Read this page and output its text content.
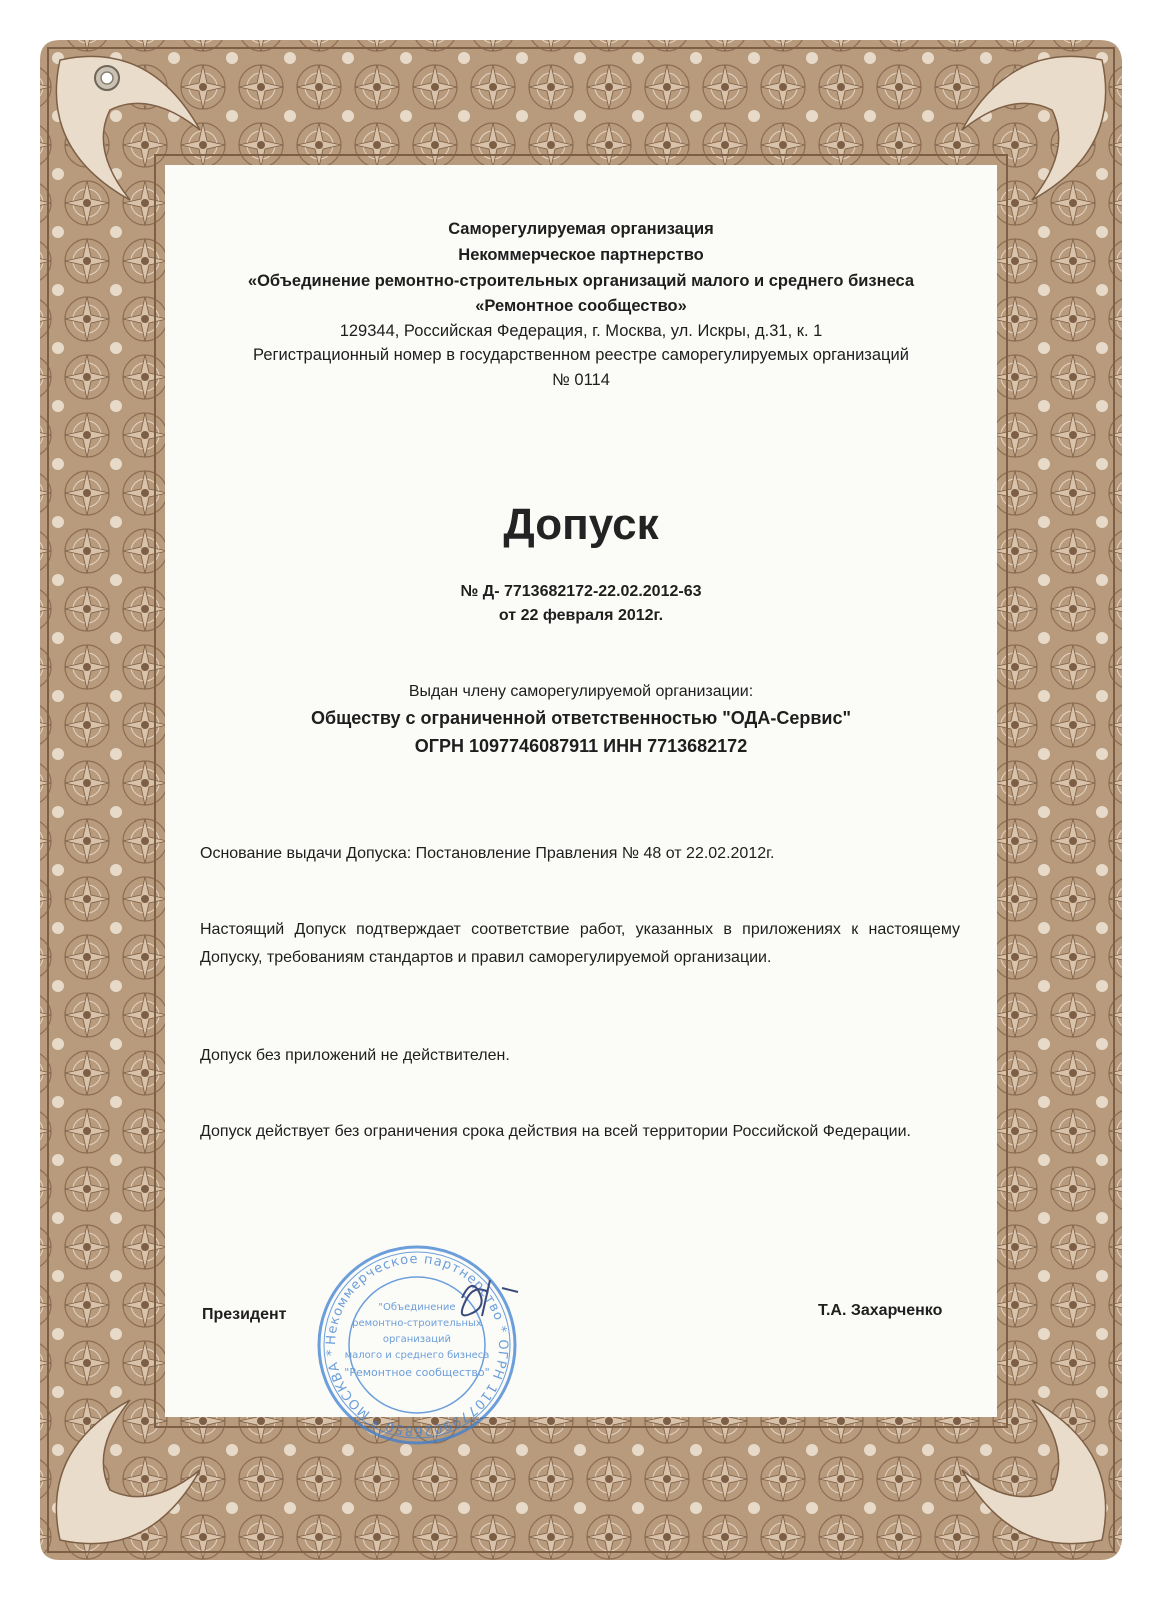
Саморегулируемая организация
Некоммерческое партнерство
«Объединение ремонтно-строительных организаций малого и среднего бизнеса
«Ремонтное сообщество»
129344, Российская Федерация, г. Москва, ул. Искры, д.31, к. 1
Регистрационный номер в государственном реестре саморегулируемых организаций
№ 0114
Допуск
№ Д- 7713682172-22.02.2012-63
от 22 февраля 2012г.
Выдан члену саморегулируемой организации:
Обществу с ограниченной ответственностью "ОДА-Сервис"
ОГРН 1097746087911 ИНН 7713682172
Основание выдачи Допуска: Постановление Правления № 48 от 22.02.2012г.
Настоящий Допуск подтверждает соответствие работ, указанных в приложениях к настоящему Допуску, требованиям стандартов и правил саморегулируемой организации.
Допуск без приложений не действителен.
Допуск действует без ограничения срока действия на всей территории Российской Федерации.
Президент	Т.А. Захарченко
Некоммерческое партнерство * ОГРН 1107799026850 * МОСКВА *
"Объединение
ремонтно-строительных
организаций
малого и среднего бизнеса
"Ремонтное сообщество"
